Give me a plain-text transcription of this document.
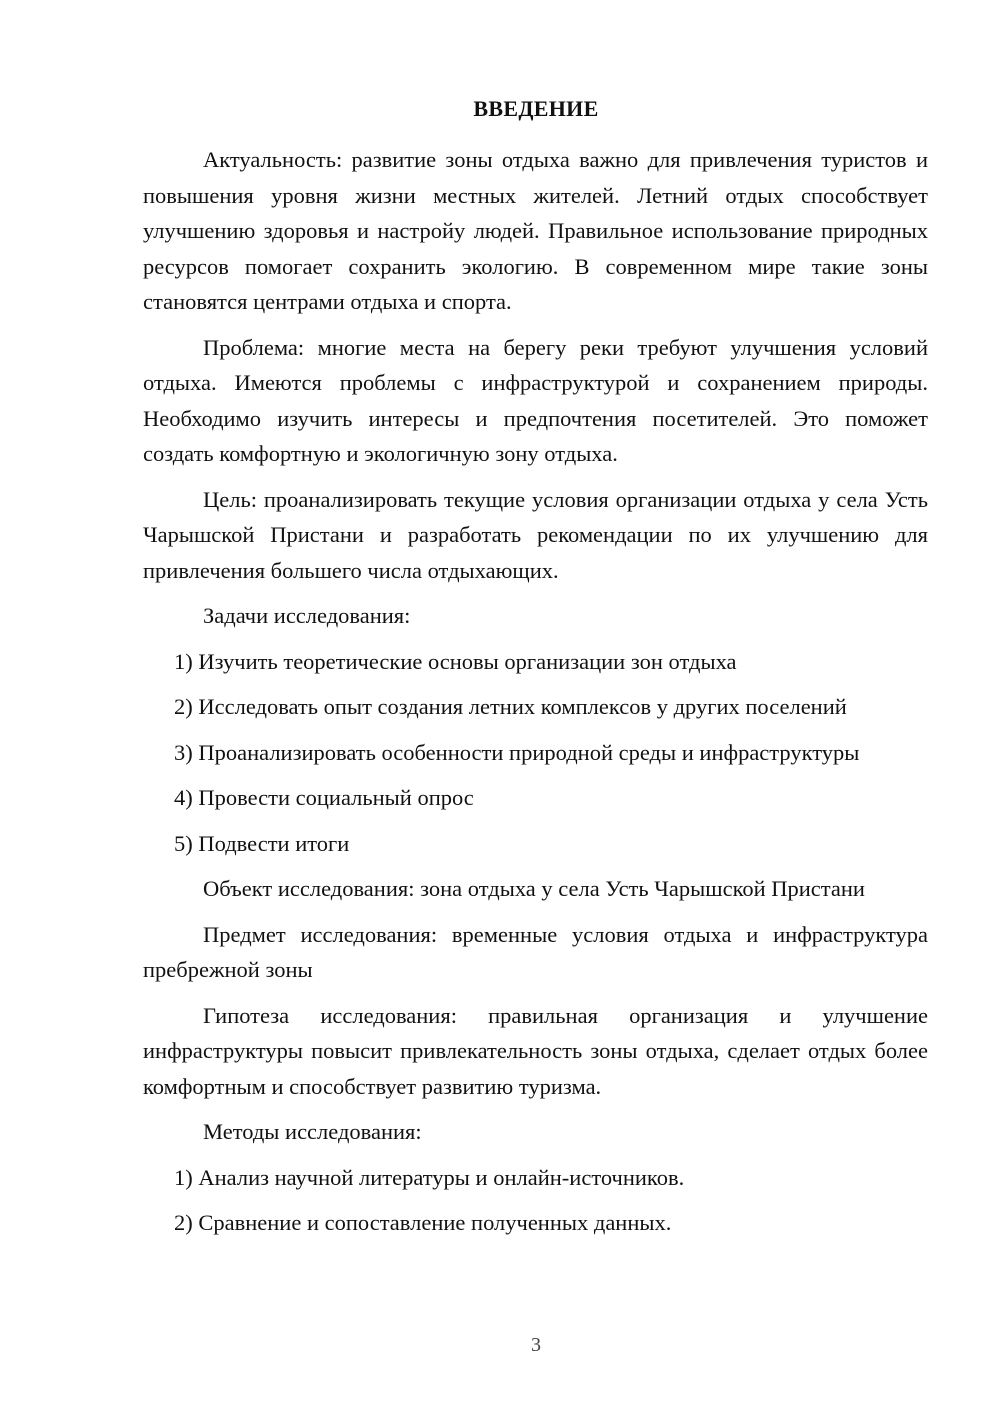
ВВЕДЕНИЕ

Актуальность: развитие зоны отдыха важно для привлечения туристов и повышения уровня жизни местных жителей. Летний отдых способствует улучшению здоровья и настройу людей. Правильное использование природных ресурсов помогает сохранить экологию. В современном мире такие зоны становятся центрами отдыха и спорта.

Проблема: многие места на берегу реки требуют улучшения условий отдыха. Имеются проблемы с инфраструктурой и сохранением природы. Необходимо изучить интересы и предпочтения посетителей. Это поможет создать комфортную и экологичную зону отдыха.

Цель: проанализировать текущие условия организации отдыха у села Усть Чарышской Пристани и разработать рекомендации по их улучшению для привлечения большего числа отдыхающих.

Задачи исследования:

1) Изучить теоретические основы организации зон отдыха

2) Исследовать опыт создания летних комплексов у других поселений

3) Проанализировать особенности природной среды и инфраструктуры

4) Провести социальный опрос

5) Подвести итоги

Объект исследования: зона отдыха у села Усть Чарышской Пристани

Предмет исследования: временные условия отдыха и инфраструктура пребрежной зоны

Гипотеза исследования: правильная организация и улучшение инфраструктуры повысит привлекательность зоны отдыха, сделает отдых более комфортным и способствует развитию туризма.

Методы исследования:

1) Анализ научной литературы и онлайн-источников.

2) Сравнение и сопоставление полученных данных.

3
